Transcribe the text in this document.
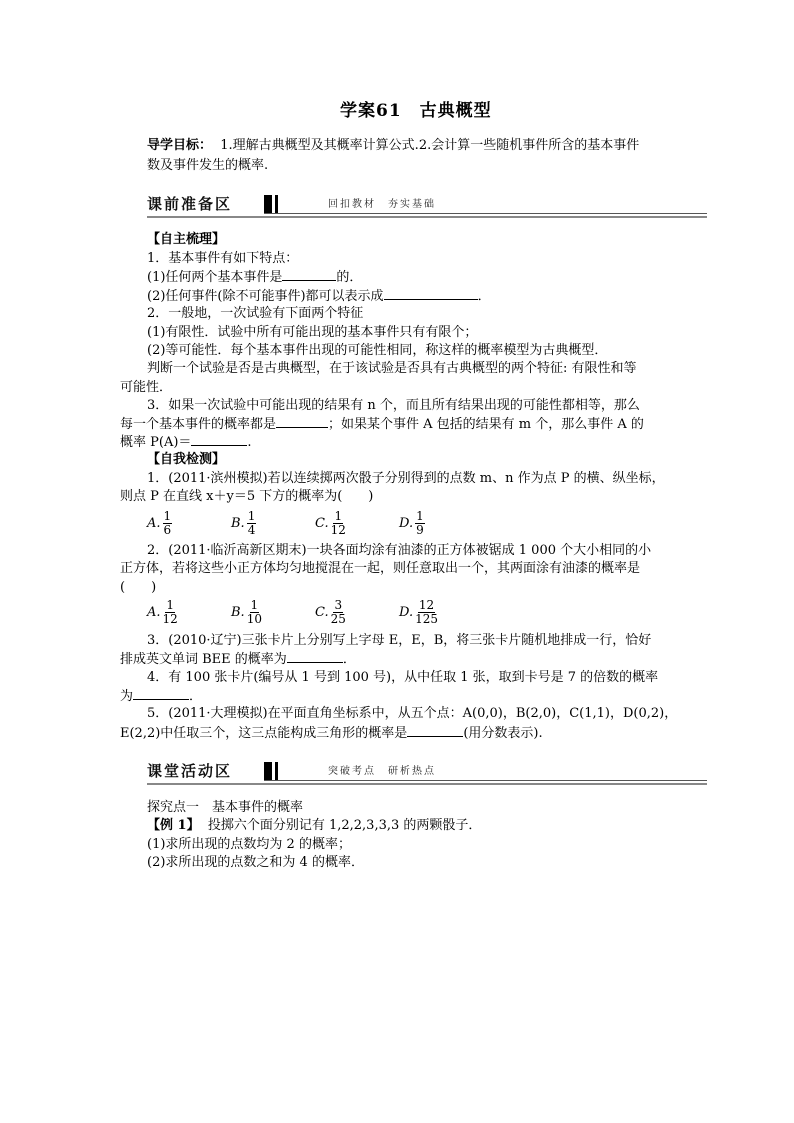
学案61　古典概型
导学目标： 1.理解古典概型及其概率计算公式.2.会计算一些随机事件所含的基本事件
数及事件发生的概率.
课前准备区	回扣教材　夯实基础
【自主梳理】
1．基本事件有如下特点：
(1)任何两个基本事件是	的．
(2)任何事件(除不可能事件)都可以表示成	．
2．一般地，一次试验有下面两个特征
(1)有限性．试验中所有可能出现的基本事件只有有限个；
(2)等可能性．每个基本事件出现的可能性相同，称这样的概率模型为古典概型．
判断一个试验是否是古典概型，在于该试验是否具有古典概型的两个特征: 有限性和等
可能性．
3．如果一次试验中可能出现的结果有 n 个，而且所有结果出现的可能性都相等，那么
每一个基本事件的概率都是	；如果某个事件 A 包括的结果有 m 个，那么事件 A 的
概率 P(A)＝	.
【自我检测】
1．(2011·滨州模拟)若以连续掷两次骰子分别得到的点数 m、n 作为点 P 的横、纵坐标，
则点 P 在直线 x＋y＝5 下方的概率为(　　)
A. $\frac{1}{6}$	B. $\frac{1}{4}$	C. $\frac{1}{12}$	D. $\frac{1}{9}$
2．(2011·临沂高新区期末)一块各面均涂有油漆的正方体被锯成 1 000 个大小相同的小
正方体，若将这些小正方体均匀地搅混在一起，则任意取出一个，其两面涂有油漆的概率是
(　　)
A. $\frac{1}{12}$	B. $\frac{1}{10}$	C. $\frac{3}{25}$	D. $\frac{12}{125}$
3．(2010·辽宁)三张卡片上分别写上字母 E，E，B，将三张卡片随机地排成一行，恰好
排成英文单词 BEE 的概率为	．
4．有 100 张卡片(编号从 1 号到 100 号)，从中任取 1 张，取到卡号是 7 的倍数的概率
为	．
5．(2011·大理模拟)在平面直角坐标系中，从五个点：A(0,0)，B(2,0)，C(1,1)，D(0,2)，
E(2,2)中任取三个，这三点能构成三角形的概率是	(用分数表示).
课堂活动区	突破考点　研析热点
探究点一　基本事件的概率
【例 1】 投掷六个面分别记有 1,2,2,3,3,3 的两颗骰子．
(1)求所出现的点数均为 2 的概率；
(2)求所出现的点数之和为 4 的概率．
